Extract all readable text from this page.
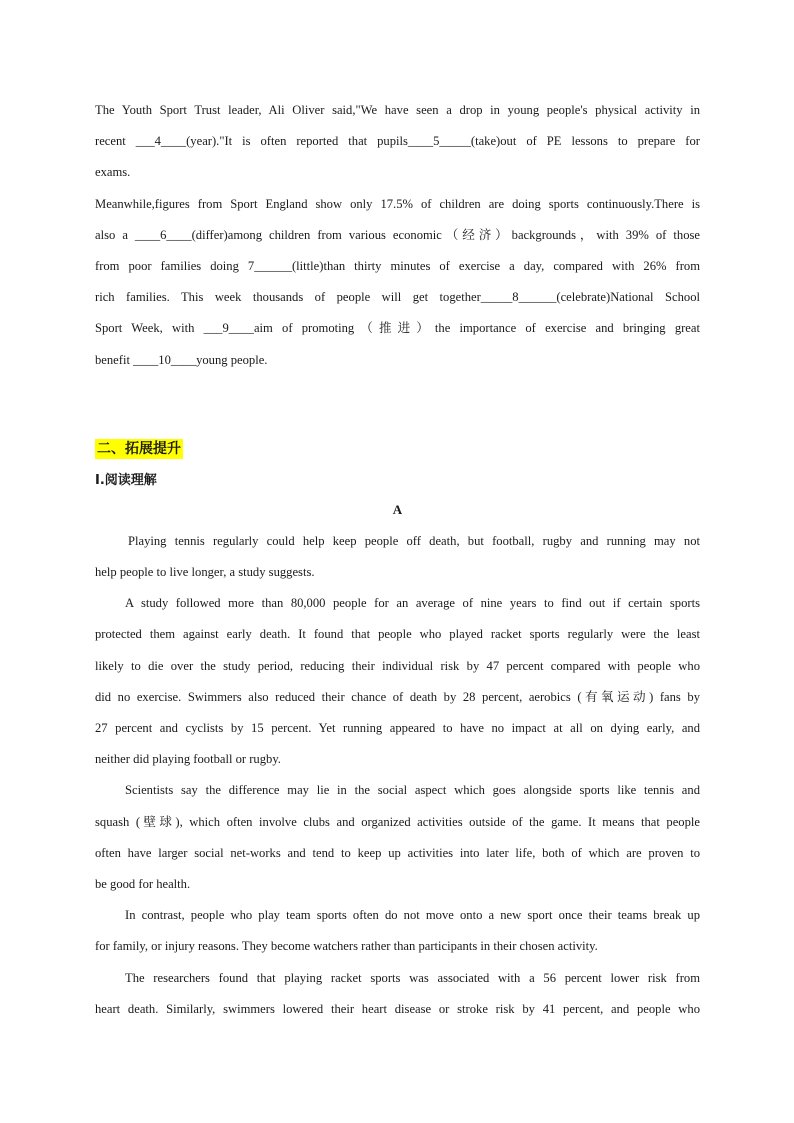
The Youth Sport Trust leader, Ali Oliver said,"We have seen a drop in young people's physical activity in
recent ___4____(year)."It is often reported that pupils____5_____(take)out of PE lessons to prepare for
exams.
Meanwhile,figures from Sport England show only 17.5% of children are doing sports continuously.There is
also a ____6____(differ)among children from various economic（经济）backgrounds，with 39% of those
from poor families doing 7______(little)than thirty minutes of exercise a day, compared with 26% from
rich families. This week thousands of people will get together_____8______(celebrate)National School
Sport Week, with ___9____aim of promoting（推进）the importance of exercise and bringing great
benefit ____10____young people.
二、拓展提升
I.阅读理解
A
Playing tennis regularly could help keep people off death, but football, rugby and running may not
help people to live longer, a study suggests.
A study followed more than 80,000 people for an average of nine years to find out if certain sports
protected them against early death. It found that people who played racket sports regularly were the least
likely to die over the study period, reducing their individual risk by 47 percent compared with people who
did no exercise. Swimmers also reduced their chance of death by 28 percent, aerobics (有氧运动) fans by
27 percent and cyclists by 15 percent. Yet running appeared to have no impact at all on dying early, and
neither did playing football or rugby.
Scientists say the difference may lie in the social aspect which goes alongside sports like tennis and
squash (壁球), which often involve clubs and organized activities outside of the game. It means that people
often have larger social net-works and tend to keep up activities into later life, both of which are proven to
be good for health.
In contrast, people who play team sports often do not move onto a new sport once their teams break up
for family, or injury reasons. They become watchers rather than participants in their chosen activity.
The researchers found that playing racket sports was associated with a 56 percent lower risk from
heart death. Similarly, swimmers lowered their heart disease or stroke risk by 41 percent, and people who
